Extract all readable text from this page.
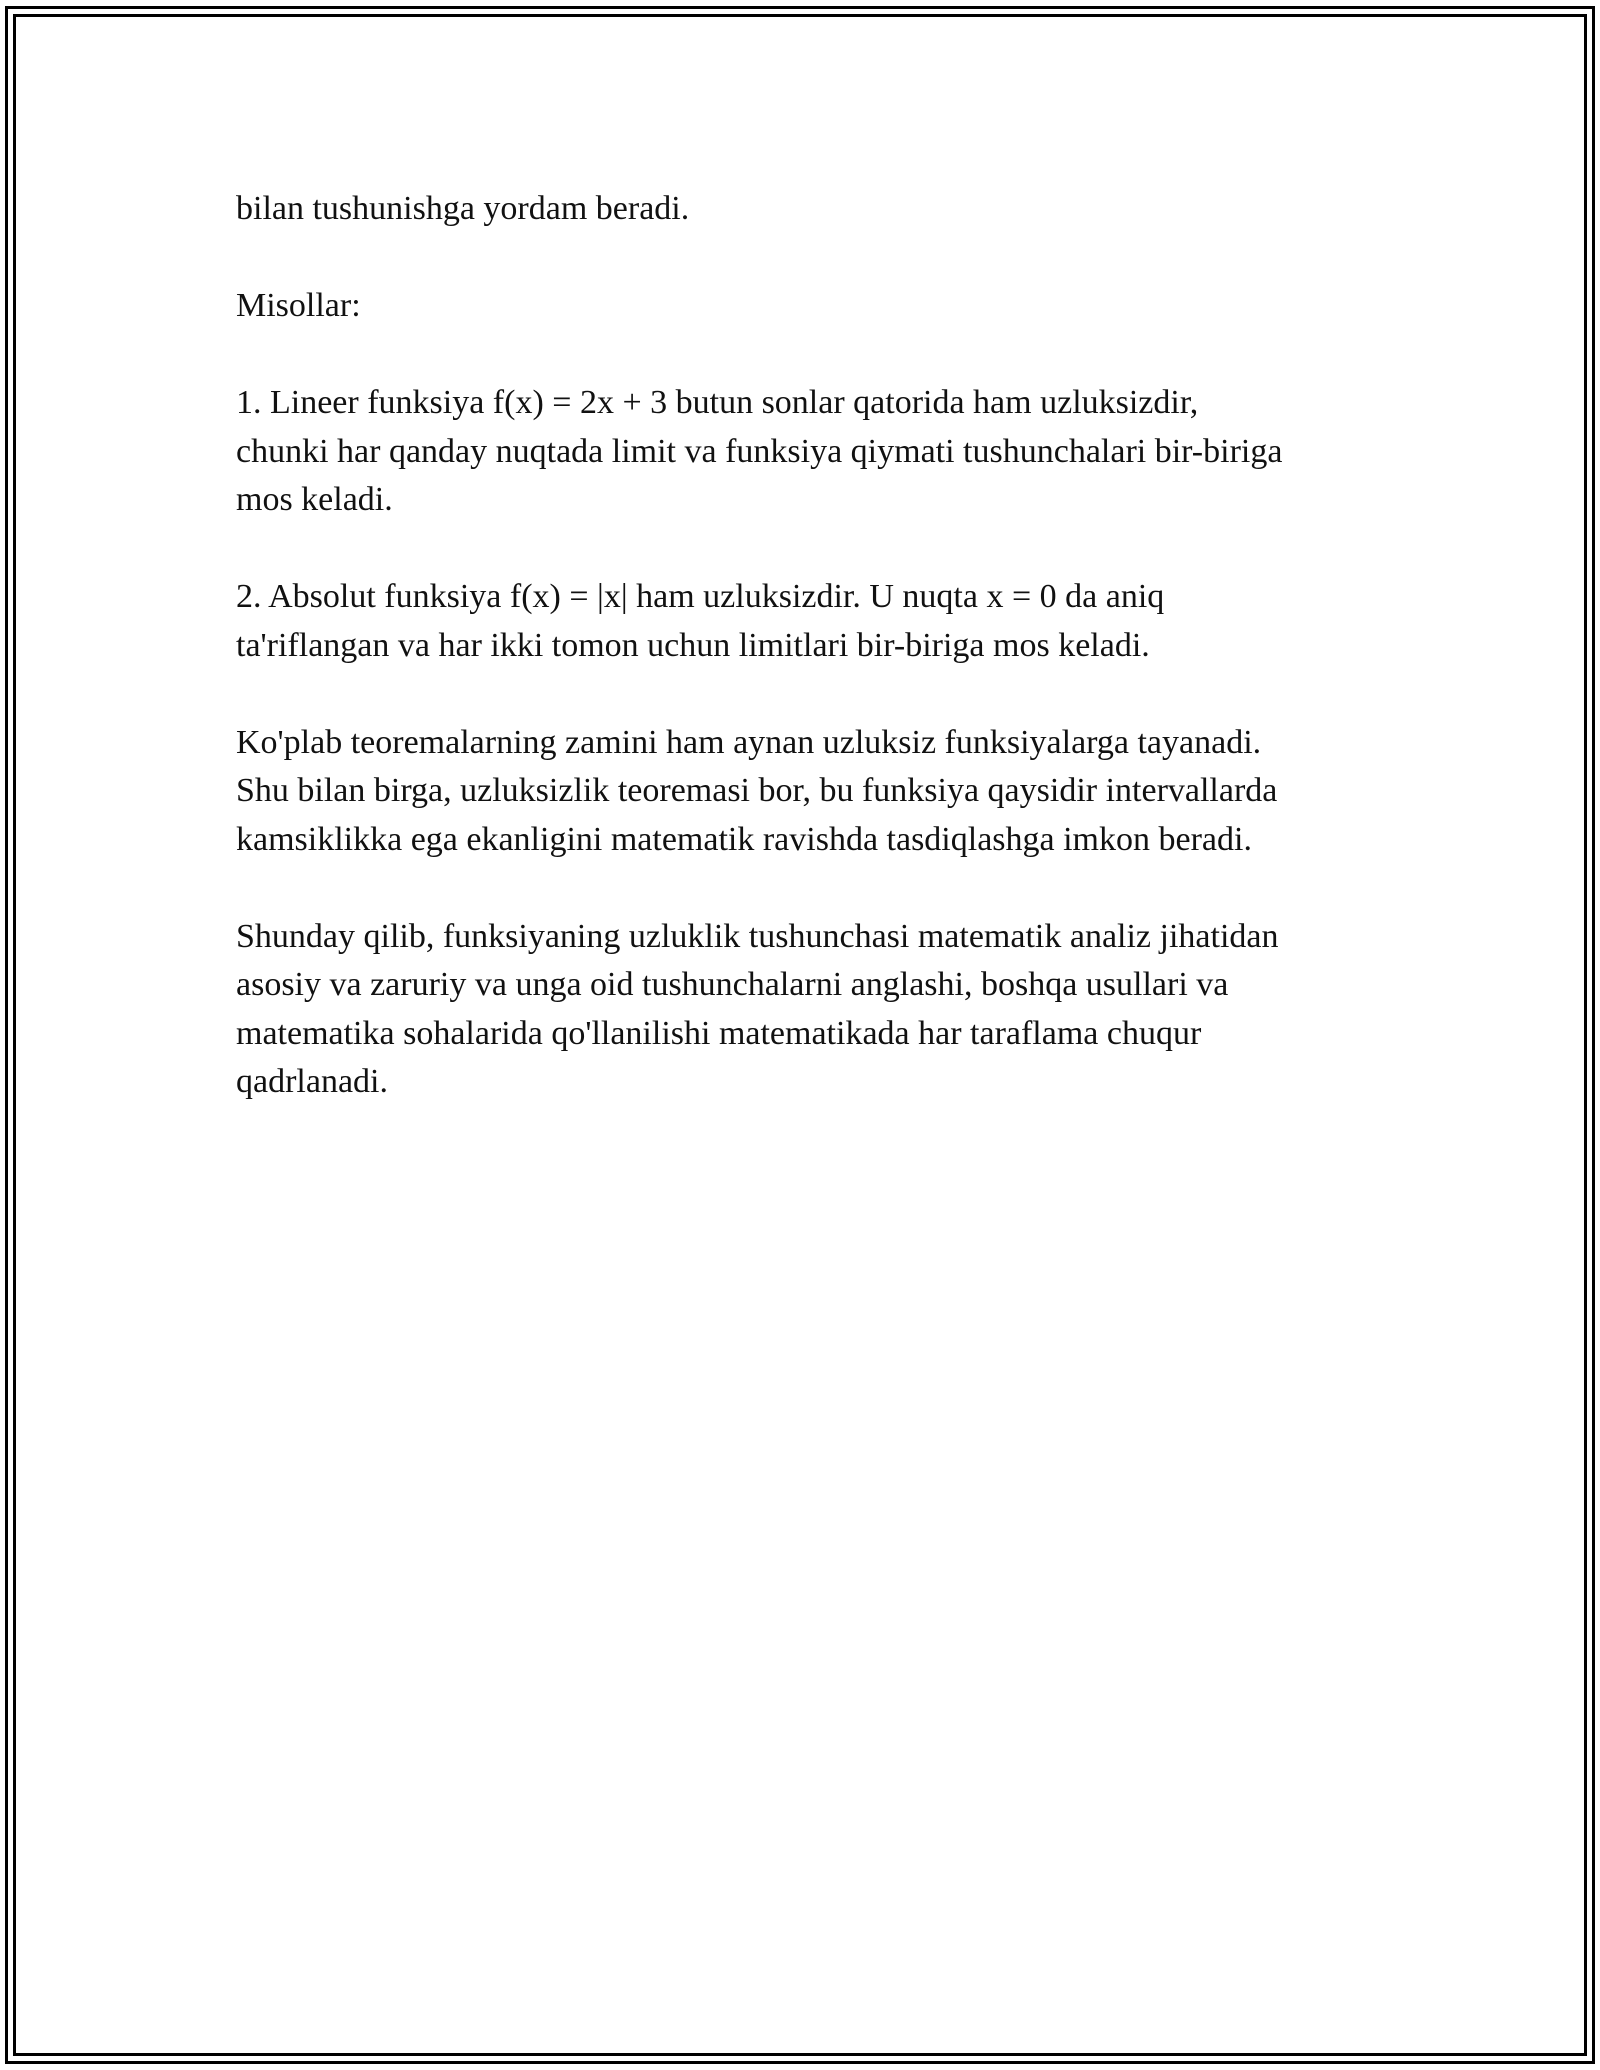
bilan tushunishga yordam beradi.

Misollar:

1. Lineer funksiya f(x) = 2x + 3 butun sonlar qatorida ham uzluksizdir,
chunki har qanday nuqtada limit va funksiya qiymati tushunchalari bir-biriga
mos keladi.

2. Absolut funksiya f(x) = |x| ham uzluksizdir. U nuqta x = 0 da aniq
ta'riflangan va har ikki tomon uchun limitlari bir-biriga mos keladi.

Ko'plab teoremalarning zamini ham aynan uzluksiz funksiyalarga tayanadi.
Shu bilan birga, uzluksizlik teoremasi bor, bu funksiya qaysidir intervallarda
kamsiklikka ega ekanligini matematik ravishda tasdiqlashga imkon beradi.

Shunday qilib, funksiyaning uzluklik tushunchasi matematik analiz jihatidan
asosiy va zaruriy va unga oid tushunchalarni anglashi, boshqa usullari va
matematika sohalarida qo'llanilishi matematikada har taraflama chuqur
qadrlanadi.
